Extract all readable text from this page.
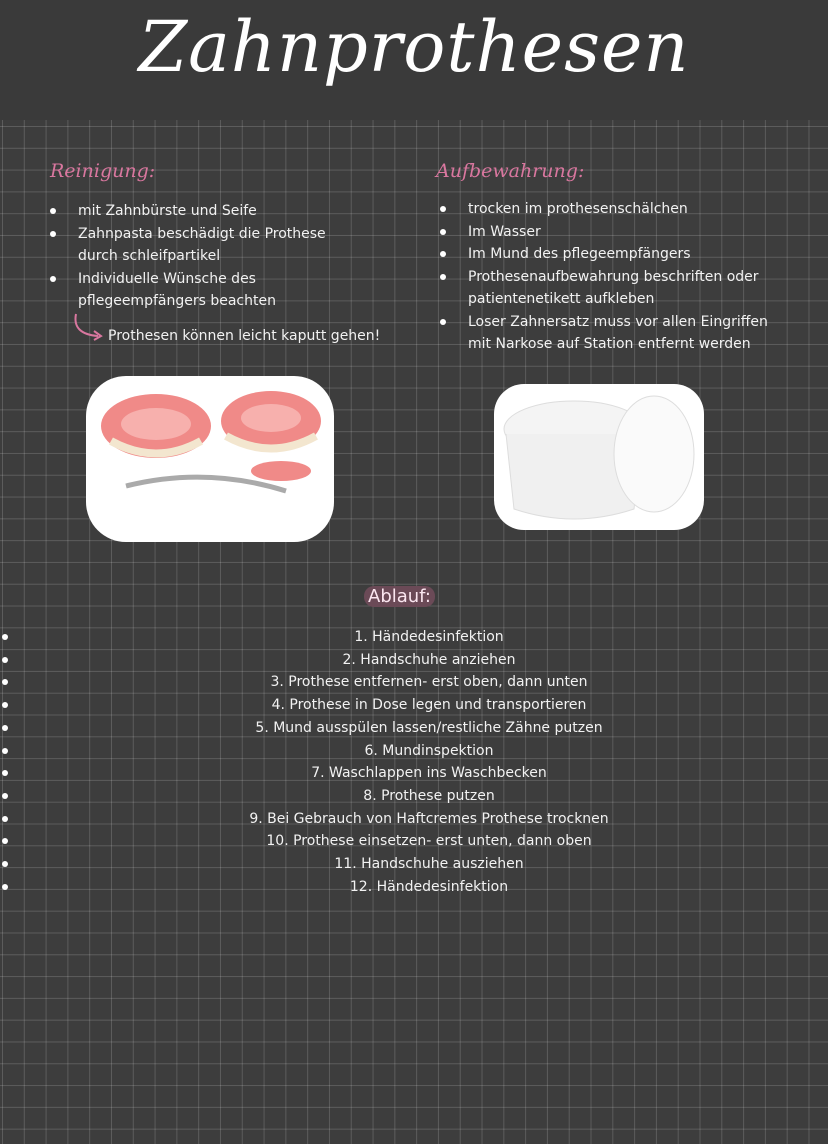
Zahnprothesen
Reinigung:
mit Zahnbürste und Seife
Zahnpasta beschädigt die Prothese durch schleifpartikel
Individuelle Wünsche des pflegeempfängers beachten
Prothesen können leicht kaputt gehen!
Aufbewahrung:
trocken im prothesenschälchen
Im Wasser
Im Mund des pflegeempfängers
Prothesenaufbewahrung beschriften oder patientenetikett aufkleben
Loser Zahnersatz muss vor allen Eingriffen mit Narkose auf Station entfernt werden
Ablauf:
1. Händedesinfektion
2. Handschuhe anziehen
3. Prothese entfernen- erst oben, dann unten
4. Prothese in Dose legen und transportieren
5. Mund ausspülen lassen/restliche Zähne putzen
6. Mundinspektion
7. Waschlappen ins Waschbecken
8. Prothese putzen
9. Bei Gebrauch von Haftcremes Prothese trocknen
10. Prothese einsetzen- erst unten, dann oben
11. Handschuhe ausziehen
12. Händedesinfektion
